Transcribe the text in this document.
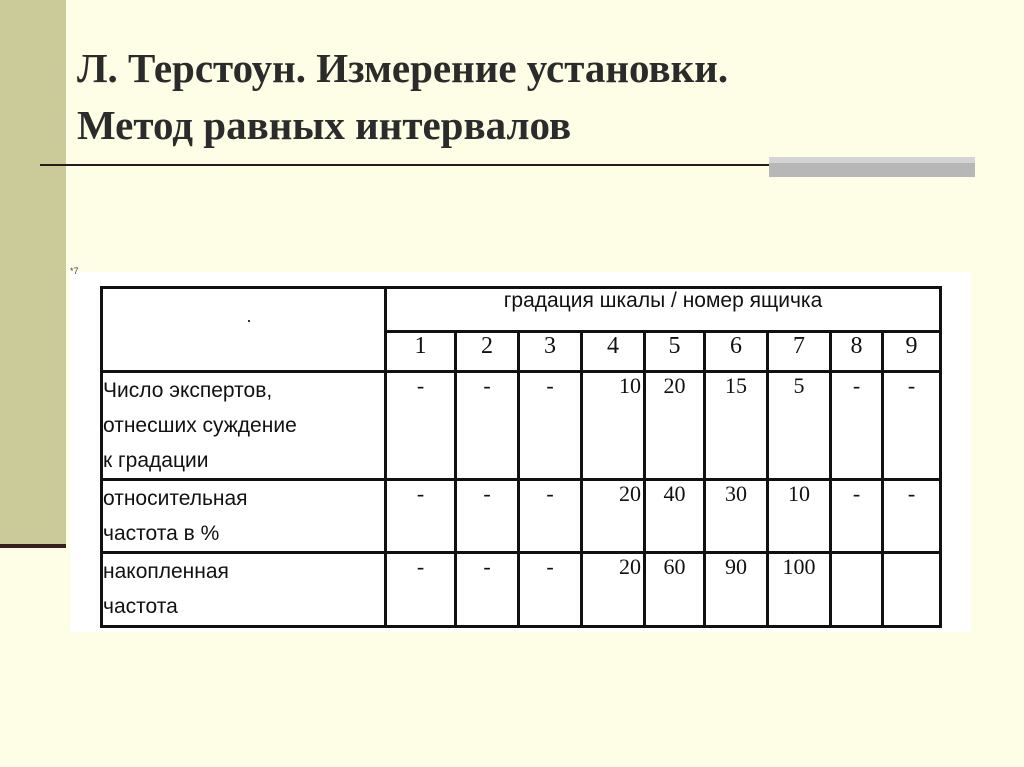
Л. Терстоун. Измерение установки.
Метод равных интервалов
*7
	градация шкалы / номер ящичка								
	1	2	3	4	5	6	7	8	9

Число экспертов,
отнесших суждение
к градации	-	-	-	10	20	15	5	-	-

относительная
частота в %	-	-	-	20	40	30	10	-	-

накопленная
частота	-	-	-	20	60	90	100		
